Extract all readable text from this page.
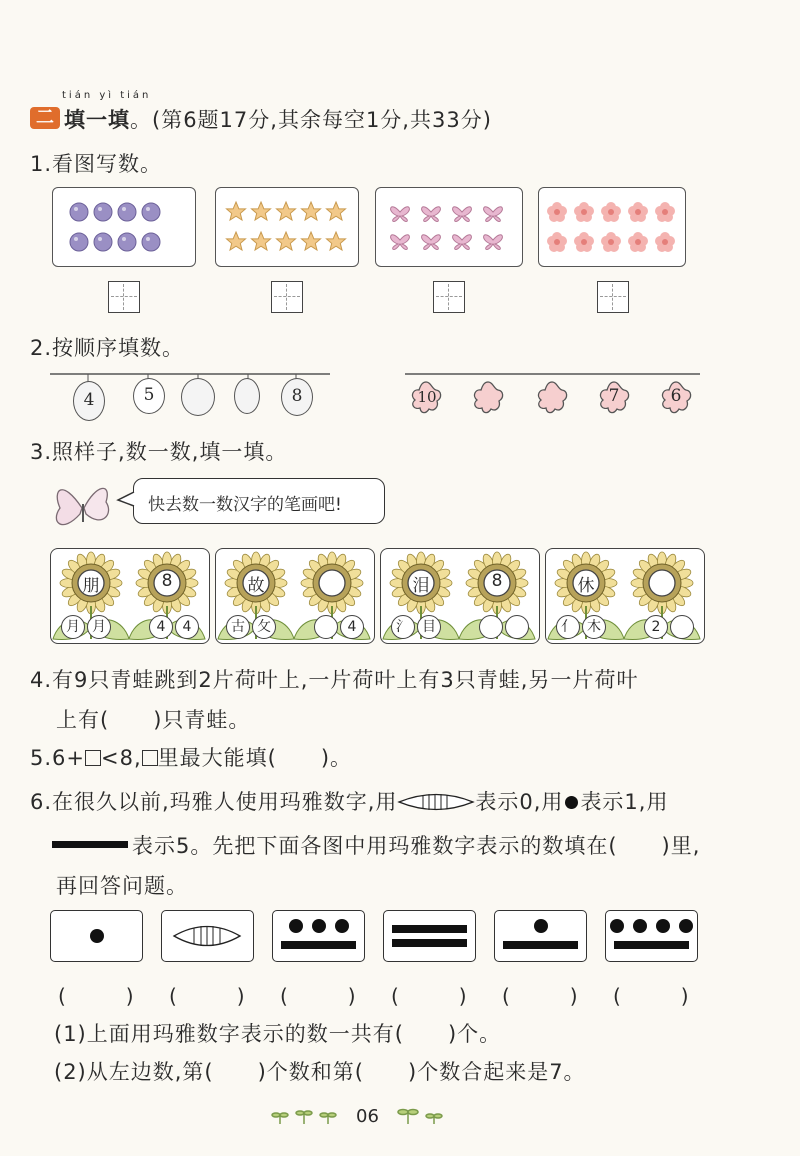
tián yì tián
二 填一填。(第6题17分,其余每空1分,共33分)
1.看图写数。
2.按顺序填数。
4	5	8	10	7	6
3.照样子,数一数,填一填。
快去数一数汉字的笔画吧!
朋	8
月 月	4	4
故
古 攵	4
泪	8
氵 目
休
亻 木	2
4.有9只青蛙跳到2片荷叶上,一片荷叶上有3只青蛙,另一片荷叶
上有(　　)只青蛙。
5.6+ <8, 里最大能填(　　)。
6.在很久以前,玛雅人使用玛雅数字,用	表示0,用 表示1,用
表示5。先把下面各图中用玛雅数字表示的数填在(　　)里,
再回答问题。
(　　　) (　　　) (　　　) (　　　) (　　　) (　　　)
(1)上面用玛雅数字表示的数一共有(　　)个。
(2)从左边数,第(　　)个数和第(　　)个数合起来是7。
06
